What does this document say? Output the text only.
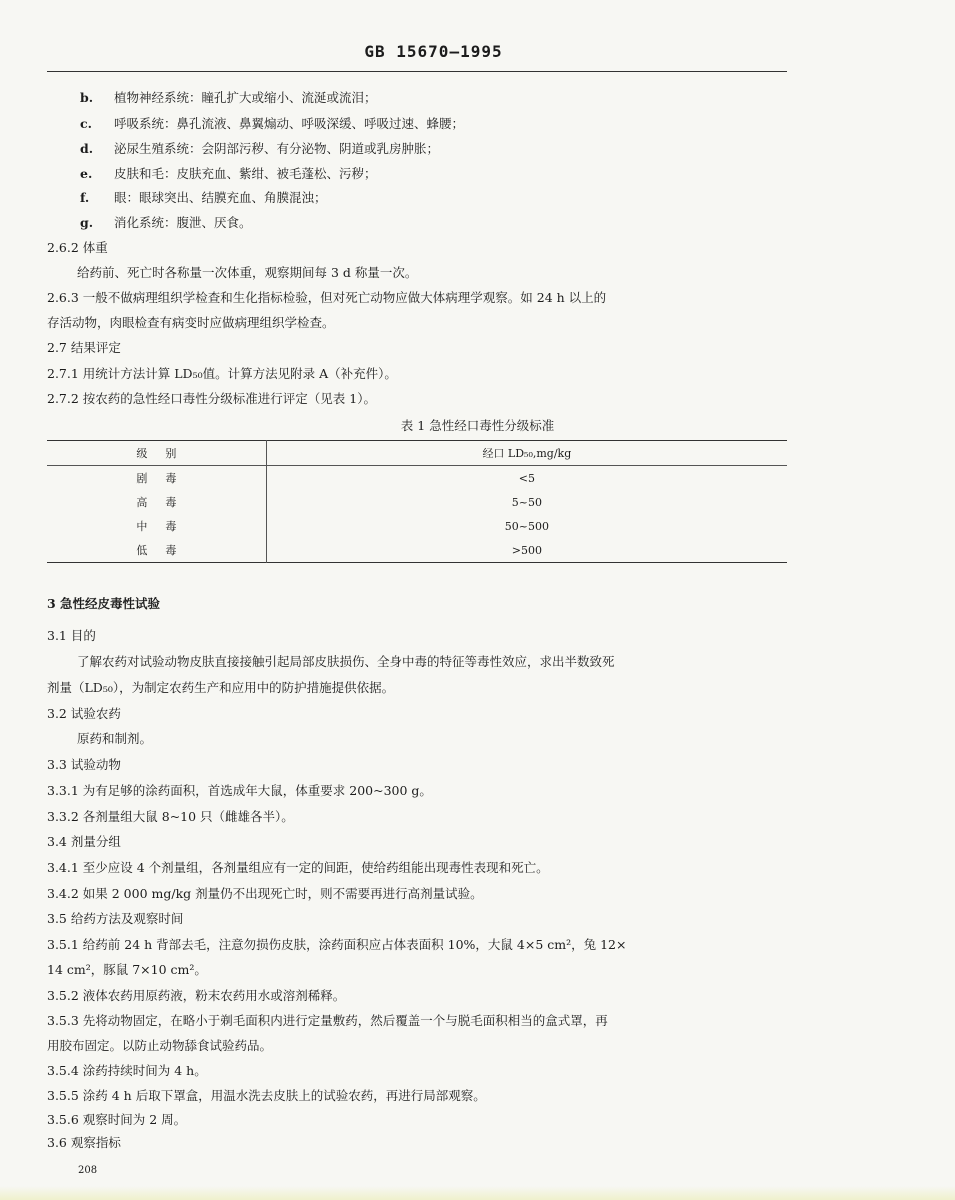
GB 15670—1995
b. 植物神经系统：瞳孔扩大或缩小、流涎或流泪；
c. 呼吸系统：鼻孔流液、鼻翼煽动、呼吸深缓、呼吸过速、蜂腰；
d. 泌尿生殖系统：会阴部污秽、有分泌物、阴道或乳房肿胀；
e. 皮肤和毛：皮肤充血、紫绀、被毛蓬松、污秽；
f. 眼：眼球突出、结膜充血、角膜混浊；
g. 消化系统：腹泄、厌食。
2.6.2 体重
给药前、死亡时各称量一次体重，观察期间每 3 d 称量一次。
2.6.3 一般不做病理组织学检查和生化指标检验，但对死亡动物应做大体病理学观察。如 24 h 以上的
存活动物，肉眼检查有病变时应做病理组织学检查。
2.7 结果评定
2.7.1 用统计方法计算 LD₅₀值。计算方法见附录 A（补充件）。
2.7.2 按农药的急性经口毒性分级标准进行评定（见表 1）。
表 1 急性经口毒性分级标准
级别	经口 LD₅₀,mg/kg
剧毒	<5
高毒	5~50
中毒	50~500
低毒	>500
3 急性经皮毒性试验
3.1 目的
了解农药对试验动物皮肤直接接触引起局部皮肤损伤、全身中毒的特征等毒性效应，求出半数致死
剂量（LD₅₀），为制定农药生产和应用中的防护措施提供依据。
3.2 试验农药
原药和制剂。
3.3 试验动物
3.3.1 为有足够的涂药面积，首选成年大鼠，体重要求 200~300 g。
3.3.2 各剂量组大鼠 8~10 只（雌雄各半）。
3.4 剂量分组
3.4.1 至少应设 4 个剂量组，各剂量组应有一定的间距，使给药组能出现毒性表现和死亡。
3.4.2 如果 2 000 mg/kg 剂量仍不出现死亡时，则不需要再进行高剂量试验。
3.5 给药方法及观察时间
3.5.1 给药前 24 h 背部去毛，注意勿损伤皮肤，涂药面积应占体表面积 10%，大鼠 4×5 cm²，兔 12×
14 cm²，豚鼠 7×10 cm²。
3.5.2 液体农药用原药液，粉末农药用水或溶剂稀释。
3.5.3 先将动物固定，在略小于剃毛面积内进行定量敷药，然后覆盖一个与脱毛面积相当的盒式罩，再
用胶布固定。以防止动物舔食试验药品。
3.5.4 涂药持续时间为 4 h。
3.5.5 涂药 4 h 后取下罩盒，用温水洗去皮肤上的试验农药，再进行局部观察。
3.5.6 观察时间为 2 周。
3.6 观察指标
208
